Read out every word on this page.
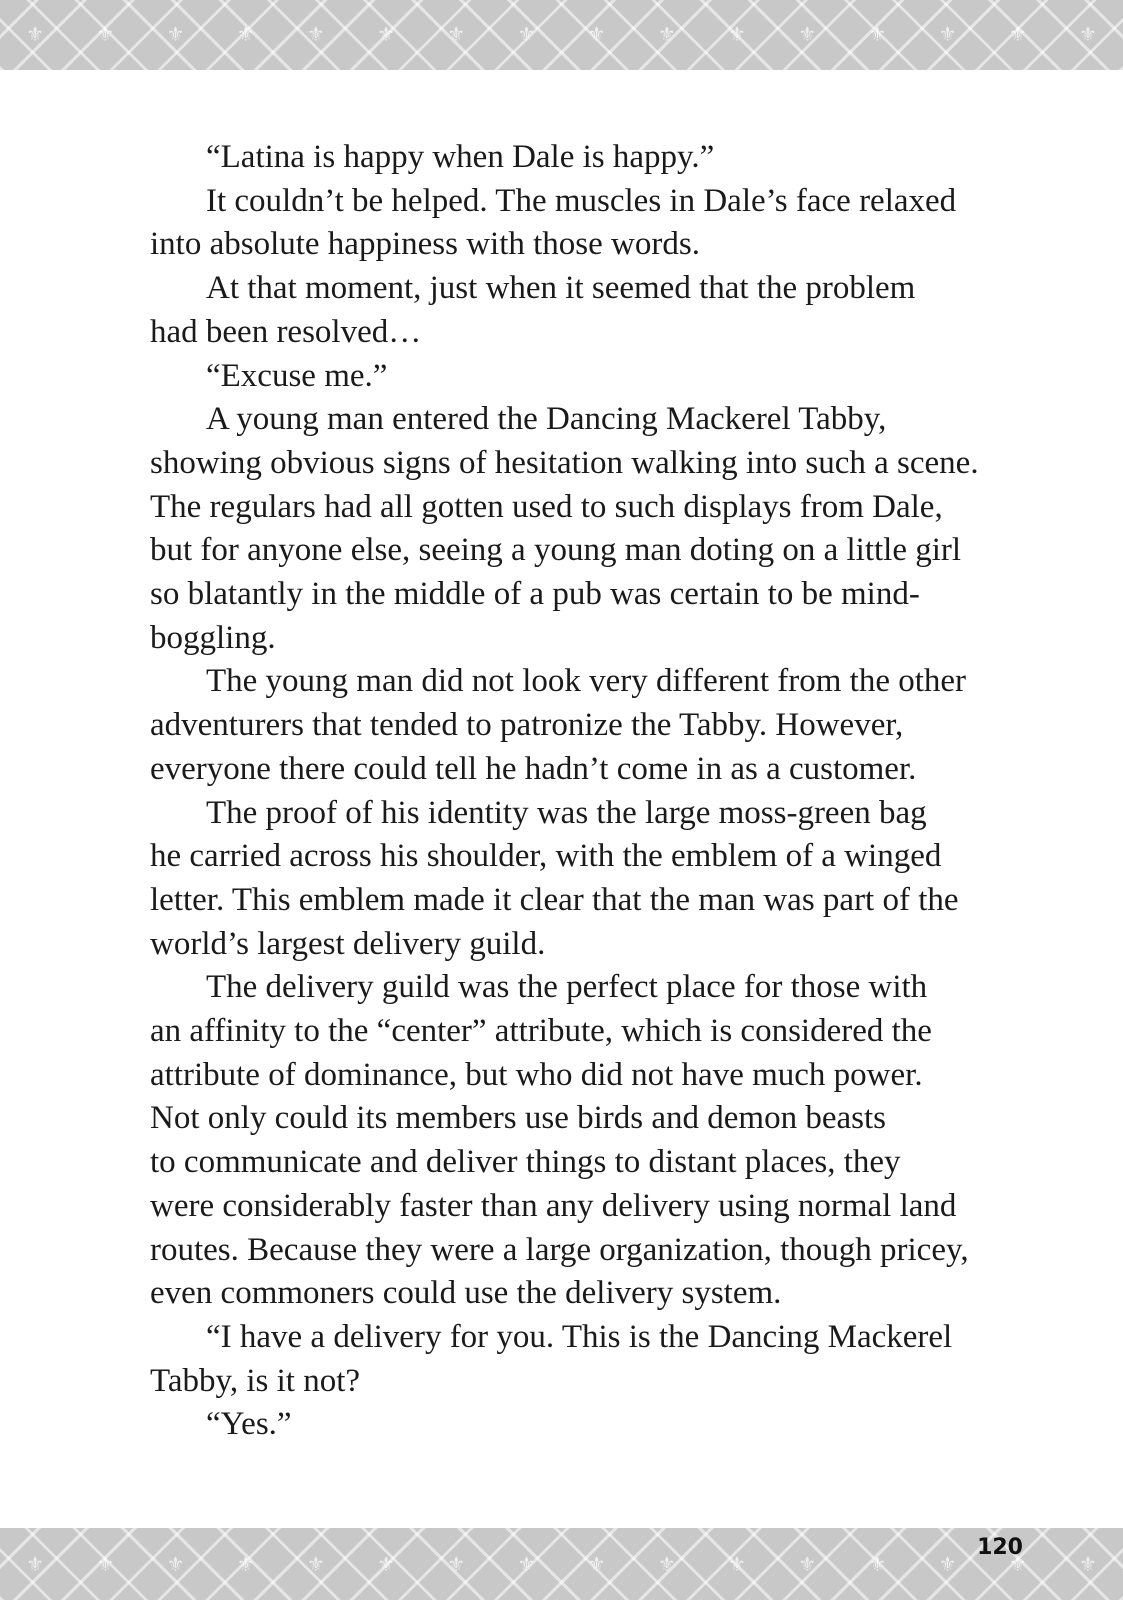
⚜	⚜	⚜	⚜	⚜	⚜	⚜	⚜	⚜	⚜	⚜	⚜	⚜	⚜	⚜	⚜
“Latina is happy when Dale is happy.”
It couldn’t be helped. The muscles in Dale’s face relaxed
into absolute happiness with those words.
At that moment, just when it seemed that the problem
had been resolved…
“Excuse me.”
A young man entered the Dancing Mackerel Tabby,
showing obvious signs of hesitation walking into such a scene.
The regulars had all gotten used to such displays from Dale,
but for anyone else, seeing a young man doting on a little girl
so blatantly in the middle of a pub was certain to be mind-
boggling.
The young man did not look very different from the other
adventurers that tended to patronize the Tabby. However,
everyone there could tell he hadn’t come in as a customer.
The proof of his identity was the large moss-green bag
he carried across his shoulder, with the emblem of a winged
letter. This emblem made it clear that the man was part of the
world’s largest delivery guild.
The delivery guild was the perfect place for those with
an affinity to the “center” attribute, which is considered the
attribute of dominance, but who did not have much power.
Not only could its members use birds and demon beasts
to communicate and deliver things to distant places, they
were considerably faster than any delivery using normal land
routes. Because they were a large organization, though pricey,
even commoners could use the delivery system.
“I have a delivery for you. This is the Dancing Mackerel
Tabby, is it not?
“Yes.”
⚜	⚜	⚜	⚜	⚜	⚜	⚜	⚜	⚜	⚜	⚜	⚜	⚜	⚜	⚜	⚜
120
